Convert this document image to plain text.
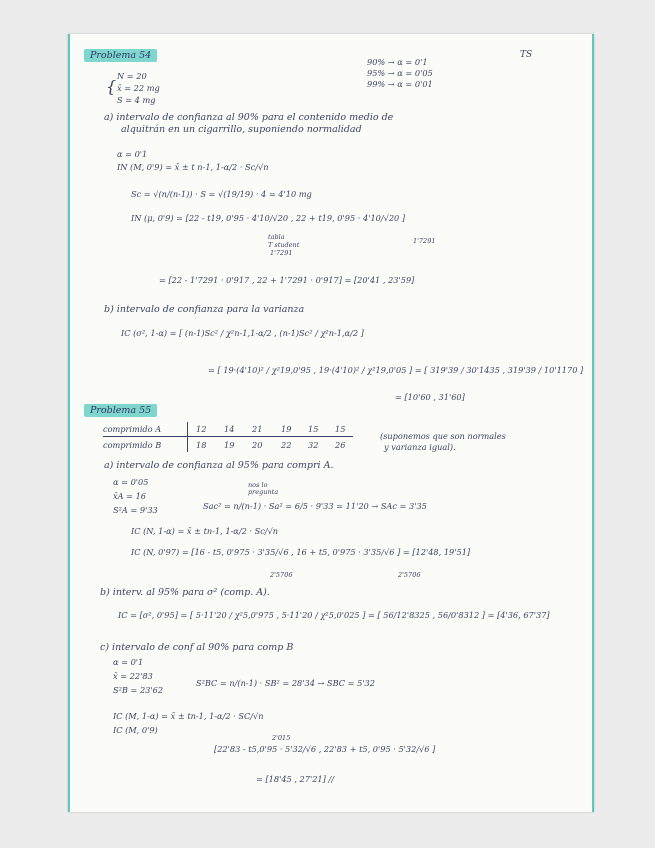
Problema 54	TS
90% → α = 0'1
95% → α = 0'05
99% → α = 0'01
{
N = 20
x̄ = 22 mg
S = 4 mg
a) intervalo de confianza al 90% para el contenido medio de
alquitrán en un cigarrillo, suponiendo normalidad
α = 0'1
IN (M, 0'9) = x̄ ± t n-1, 1-α/2 · Sc/√n
Sc = √(n/(n-1)) · S = √(19/19) · 4 = 4'10 mg
IN (μ, 0'9) = [22 - t19, 0'95 · 4'10/√20 , 22 + t19, 0'95 · 4'10/√20 ]
tabla
T student
1'7291
1'7291
= [22 - 1'7291 · 0'917 , 22 + 1'7291 · 0'917] = [20'41 , 23'59]
b) intervalo de confianza para la varianza
IC (σ², 1-α) = [ (n-1)Sc² / χ²n-1,1-α/2 , (n-1)Sc² / χ²n-1,α/2 ]
= [ 19·(4'10)² / χ²19,0'95 , 19·(4'10)² / χ²19,0'05 ] = [ 319'39 / 30'1435 , 319'39 / 10'1170 ]
= [10'60 , 31'60]
Problema 55
comprimido A
comprimido B
12 14 21 19 15 15
18 19 20 22 32 26
(suponemos que son normales
y varianza igual).
a) intervalo de confianza al 95% para compri A.
α = 0'05
x̄A = 16
S²A = 9'33
nos lo
pregunta
Sac² = n/(n-1) · Sa² = 6/5 · 9'33 = 11'20 → SAc = 3'35
IC (N, 1-α) = x̄ ± tn-1, 1-α/2 · Sc/√n
IC (N, 0'97) = [16 - t5, 0'975 · 3'35/√6 , 16 + t5, 0'975 · 3'35/√6 ] = [12'48, 19'51]
2'5706	2'5706
b) interv. al 95% para σ² (comp. A).
IC = [σ², 0'95] = [ 5·11'20 / χ²5,0'975 , 5·11'20 / χ²5,0'025 ] = [ 56/12'8325 , 56/0'8312 ] = [4'36, 67'37]
c) intervalo de conf al 90% para comp B
α = 0'1
x̄ = 22'83
S²B = 23'62
S²BC = n/(n-1) · SB² = 28'34 → SBC = 5'32
IC (M, 1-α) = x̄ ± tn-1, 1-α/2 · SC/√n
IC (M, 0'9)
2'015
[22'83 - t5,0'95 · 5'32/√6 , 22'83 + t5, 0'95 · 5'32/√6 ]
= [18'45 , 27'21] //
